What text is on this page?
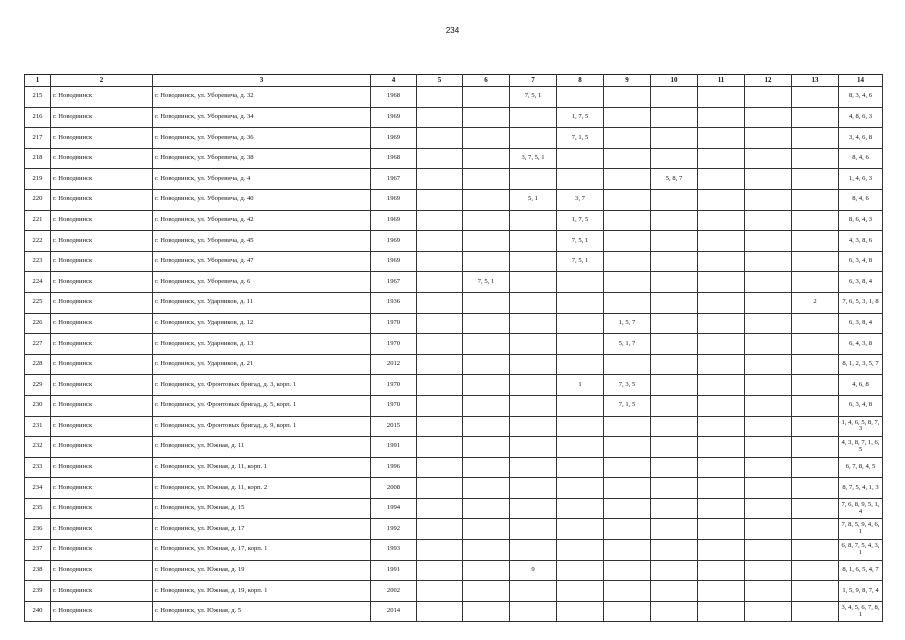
234
1	2	3	4	5	6	7	8	9	10	11	12	13	14
215	г. Новодвинск	г. Новодвинск, ул. Уборевича, д. 32	1968			7, 5, 1							8, 3, 4, 6
216	г. Новодвинск	г. Новодвинск, ул. Уборевича, д. 34	1969				1, 7, 5						4, 8, 6, 3
217	г. Новодвинск	г. Новодвинск, ул. Уборевича, д. 36	1969				7, 1, 5						3, 4, 6, 8
218	г. Новодвинск	г. Новодвинск, ул. Уборевича, д. 38	1968			3, 7, 5, 1							8, 4, 6
219	г. Новодвинск	г. Новодвинск, ул. Уборевича, д. 4	1967						5, 8, 7				1, 4, 6, 3
220	г. Новодвинск	г. Новодвинск, ул. Уборевича, д. 40	1969			5, 1	3, 7						8, 4, 6
221	г. Новодвинск	г. Новодвинск, ул. Уборевича, д. 42	1969				1, 7, 5						8, 6, 4, 3
222	г. Новодвинск	г. Новодвинск, ул. Уборевича, д. 45	1969				7, 5, 1						4, 3, 8, 6
223	г. Новодвинск	г. Новодвинск, ул. Уборевича, д. 47	1969				7, 5, 1						6, 3, 4, 8
224	г. Новодвинск	г. Новодвинск, ул. Уборевича, д. 6	1967		7, 5, 1								6, 3, 8, 4
225	г. Новодвинск	г. Новодвинск, ул. Ударников, д. 11	1936									2	7, 6, 5, 3, 1, 8
226	г. Новодвинск	г. Новодвинск, ул. Ударников, д. 12	1970					1, 5, 7					6, 3, 8, 4
227	г. Новодвинск	г. Новодвинск, ул. Ударников, д. 13	1970					5, 1, 7					6, 4, 3, 8
228	г. Новодвинск	г. Новодвинск, ул. Ударников, д. 21	2012										8, 1, 2, 3, 5, 7
229	г. Новодвинск	г. Новодвинск, ул. Фронтовых бригад, д. 3, корп. 1	1970				1	7, 3, 5					4, 6, 8
230	г. Новодвинск	г. Новодвинск, ул. Фронтовых бригад, д. 5, корп. 1	1970					7, 1, 5					6, 3, 4, 8
231	г. Новодвинск	г. Новодвинск, ул. Фронтовых бригад, д. 9, корп. 1	2015										1, 4, 6, 5, 8, 7, 3
232	г. Новодвинск	г. Новодвинск, ул. Южная, д. 11	1991										4, 3, 8, 7, 1, 6, 5
233	г. Новодвинск	г. Новодвинск, ул. Южная, д. 11, корп. 1	1996										6, 7, 8, 4, 5
234	г. Новодвинск	г. Новодвинск, ул. Южная, д. 11, корп. 2	2008										8, 7, 5, 4, 1, 3
235	г. Новодвинск	г. Новодвинск, ул. Южная, д. 15	1994										7, 6, 8, 9, 5, 1, 4
236	г. Новодвинск	г. Новодвинск, ул. Южная, д. 17	1992										7, 8, 5, 9, 4, 6, 1
237	г. Новодвинск	г. Новодвинск, ул. Южная, д. 17, корп. 1	1993										6, 8, 7, 5, 4, 3, 1
238	г. Новодвинск	г. Новодвинск, ул. Южная, д. 19	1991			9							8, 1, 6, 5, 4, 7
239	г. Новодвинск	г. Новодвинск, ул. Южная, д. 19, корп. 1	2002										1, 5, 9, 8, 7, 4
240	г. Новодвинск	г. Новодвинск, ул. Южная, д. 5	2014										3, 4, 5, 6, 7, 8, 1
